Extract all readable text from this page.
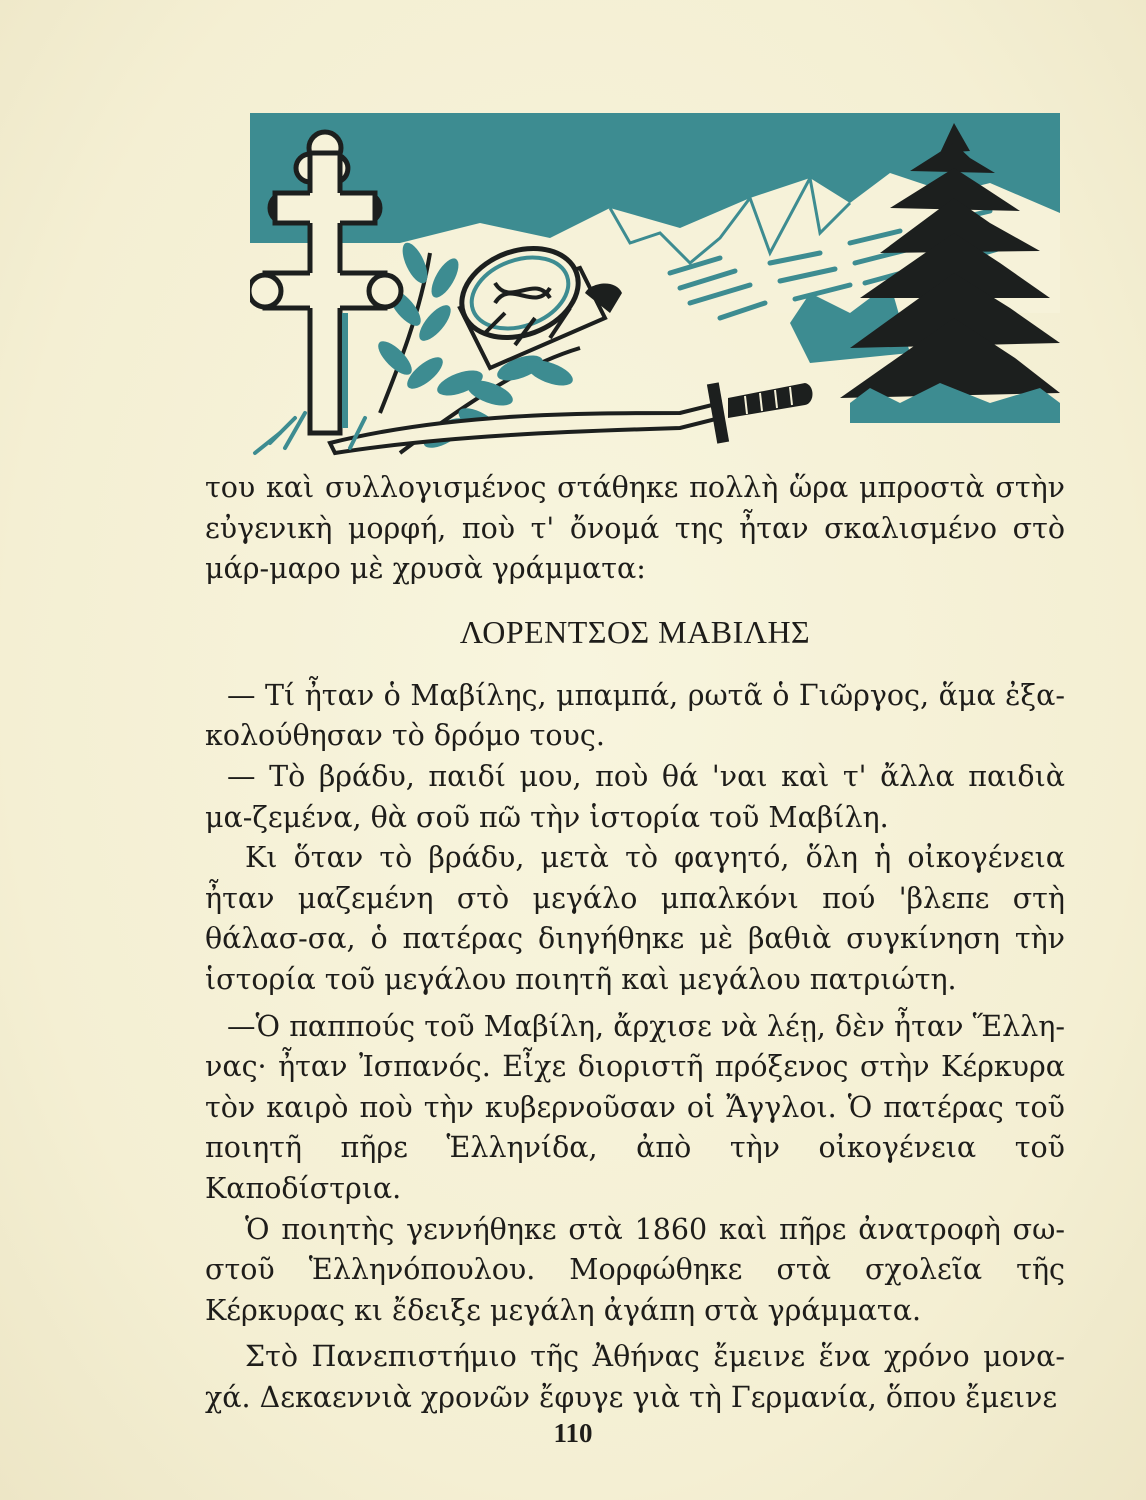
του καὶ συλλογισμένος στάθηκε πολλὴ ὥρα μπροστὰ στὴν εὐγενικὴ μορφή, ποὺ τ' ὄνομά της ἦταν σκαλισμένο στὸ μάρ-μαρο μὲ χρυσὰ γράμματα:

ΛΟΡΕΝΤΣΟΣ ΜΑΒΙΛΗΣ

— Τί ἦταν ὁ Μαβίλης, μπαμπά, ρωτᾶ ὁ Γιῶργος, ἅμα ἐξα-κολούθησαν τὸ δρόμο τους.

— Τὸ βράδυ, παιδί μου, ποὺ θά 'ναι καὶ τ' ἄλλα παιδιὰ μα-ζεμένα, θὰ σοῦ πῶ τὴν ἱστορία τοῦ Μαβίλη.

Κι ὅταν τὸ βράδυ, μετὰ τὸ φαγητό, ὅλη ἡ οἰκογένεια ἦταν μαζεμένη στὸ μεγάλο μπαλκόνι πού 'βλεπε στὴ θάλασ-σα, ὁ πατέρας διηγήθηκε μὲ βαθιὰ συγκίνηση τὴν ἱστορία τοῦ μεγάλου ποιητῆ καὶ μεγάλου πατριώτη.

—Ὁ παππούς τοῦ Μαβίλη, ἄρχισε νὰ λέῃ, δὲν ἦταν Ἕλλη-νας· ἦταν Ἰσπανός. Εἶχε διοριστῆ πρόξενος στὴν Κέρκυρα τὸν καιρὸ ποὺ τὴν κυβερνοῦσαν οἱ Ἄγγλοι. Ὁ πατέρας τοῦ ποιητῆ πῆρε Ἑλληνίδα, ἀπὸ τὴν οἰκογένεια τοῦ Καποδίστρια.

Ὁ ποιητὴς γεννήθηκε στὰ 1860 καὶ πῆρε ἀνατροφὴ σω-στοῦ Ἑλληνόπουλου. Μορφώθηκε στὰ σχολεῖα τῆς Κέρκυρας κι ἔδειξε μεγάλη ἀγάπη στὰ γράμματα.

Στὸ Πανεπιστήμιο τῆς Ἀθήνας ἔμεινε ἕνα χρόνο μονα-χά. Δεκαεννιὰ χρονῶν ἔφυγε γιὰ τὴ Γερμανία, ὅπου ἔμεινε

110
